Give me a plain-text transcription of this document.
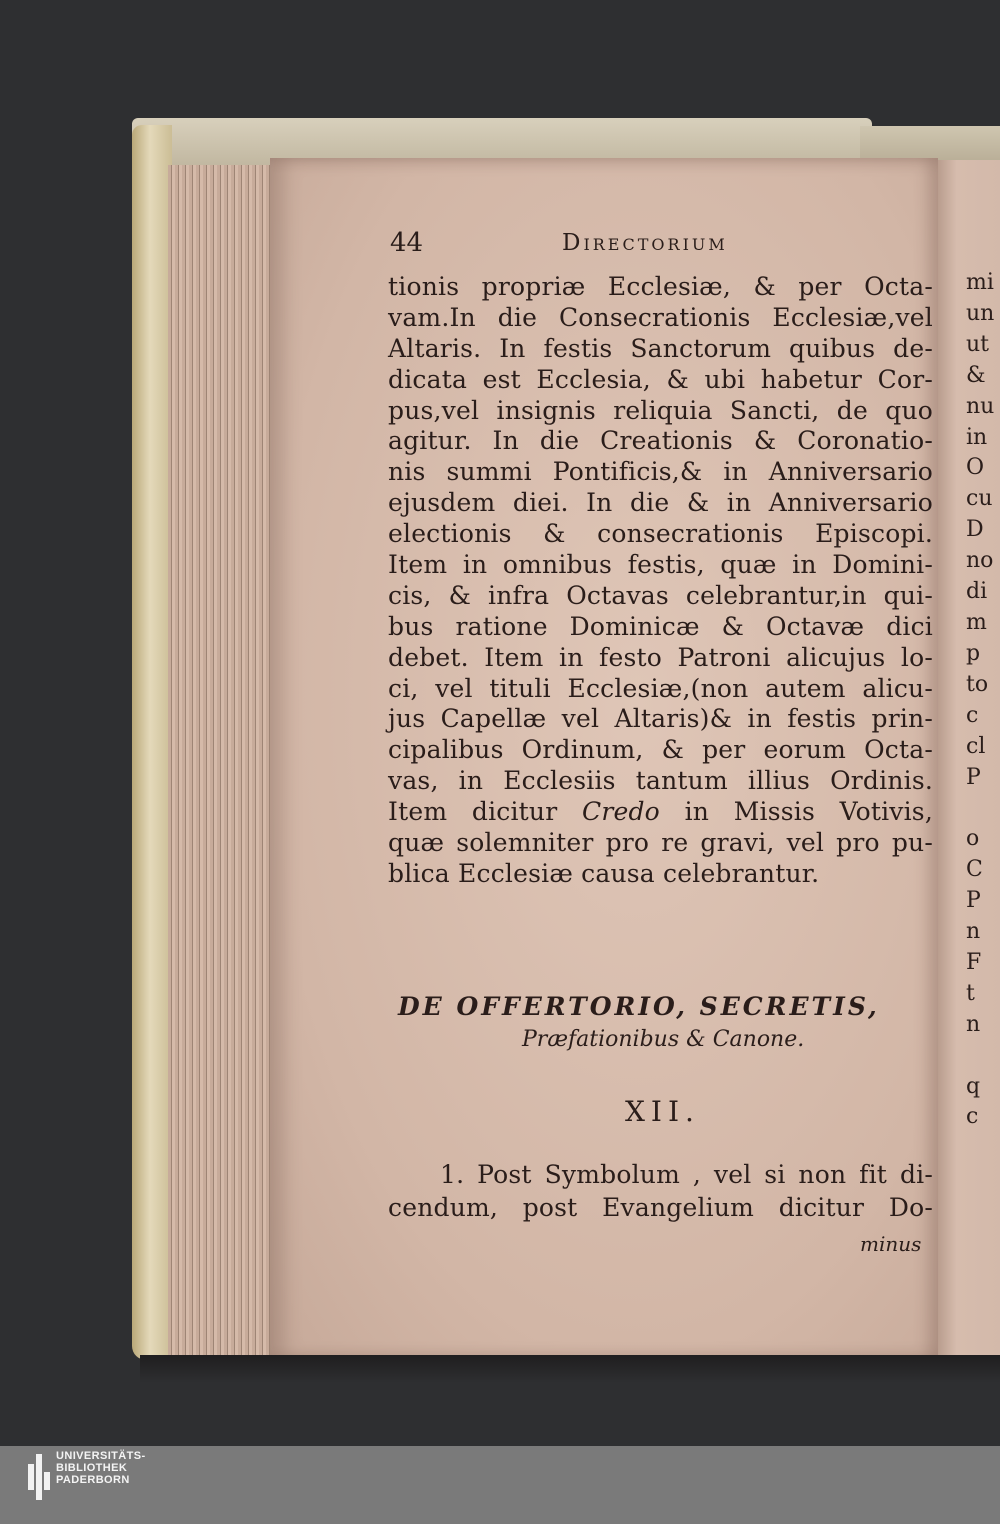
44	Directorium
tionis propriæ Ecclesiæ, & per Octa-
vam.In die Consecrationis Ecclesiæ,vel
Altaris. In festis Sanctorum quibus de-
dicata est Ecclesia, & ubi habetur Cor-
pus,vel insignis reliquia Sancti, de quo
agitur. In die Creationis & Coronatio-
nis summi Pontificis,& in Anniversario
ejusdem diei. In die & in Anniversario
electionis & consecrationis Episcopi.
Item in omnibus festis, quæ in Domini-
cis, & infra Octavas celebrantur,in qui-
bus ratione Dominicæ & Octavæ dici
debet. Item in festo Patroni alicujus lo-
ci, vel tituli Ecclesiæ,(non autem alicu-
jus Capellæ vel Altaris)& in festis prin-
cipalibus Ordinum, & per eorum Octa-
vas, in Ecclesiis tantum illius Ordinis.
Item dicitur Credo in Missis Votivis,
quæ solemniter pro re gravi, vel pro pu-
blica Ecclesiæ causa celebrantur.
DE OFFERTORIO, SECRETIS,
Præfationibus & Canone.
XII.
1. Post Symbolum , vel si non fit di-
cendum, post Evangelium dicitur Do-
minus
mi
un
ut
&
nu
in
O
cu
D
no
di
m
p
to
c
cl
P
o
C
P
n
F
t
n
q
c
UNIVERSITÄTS-
BIBLIOTHEK
PADERBORN
